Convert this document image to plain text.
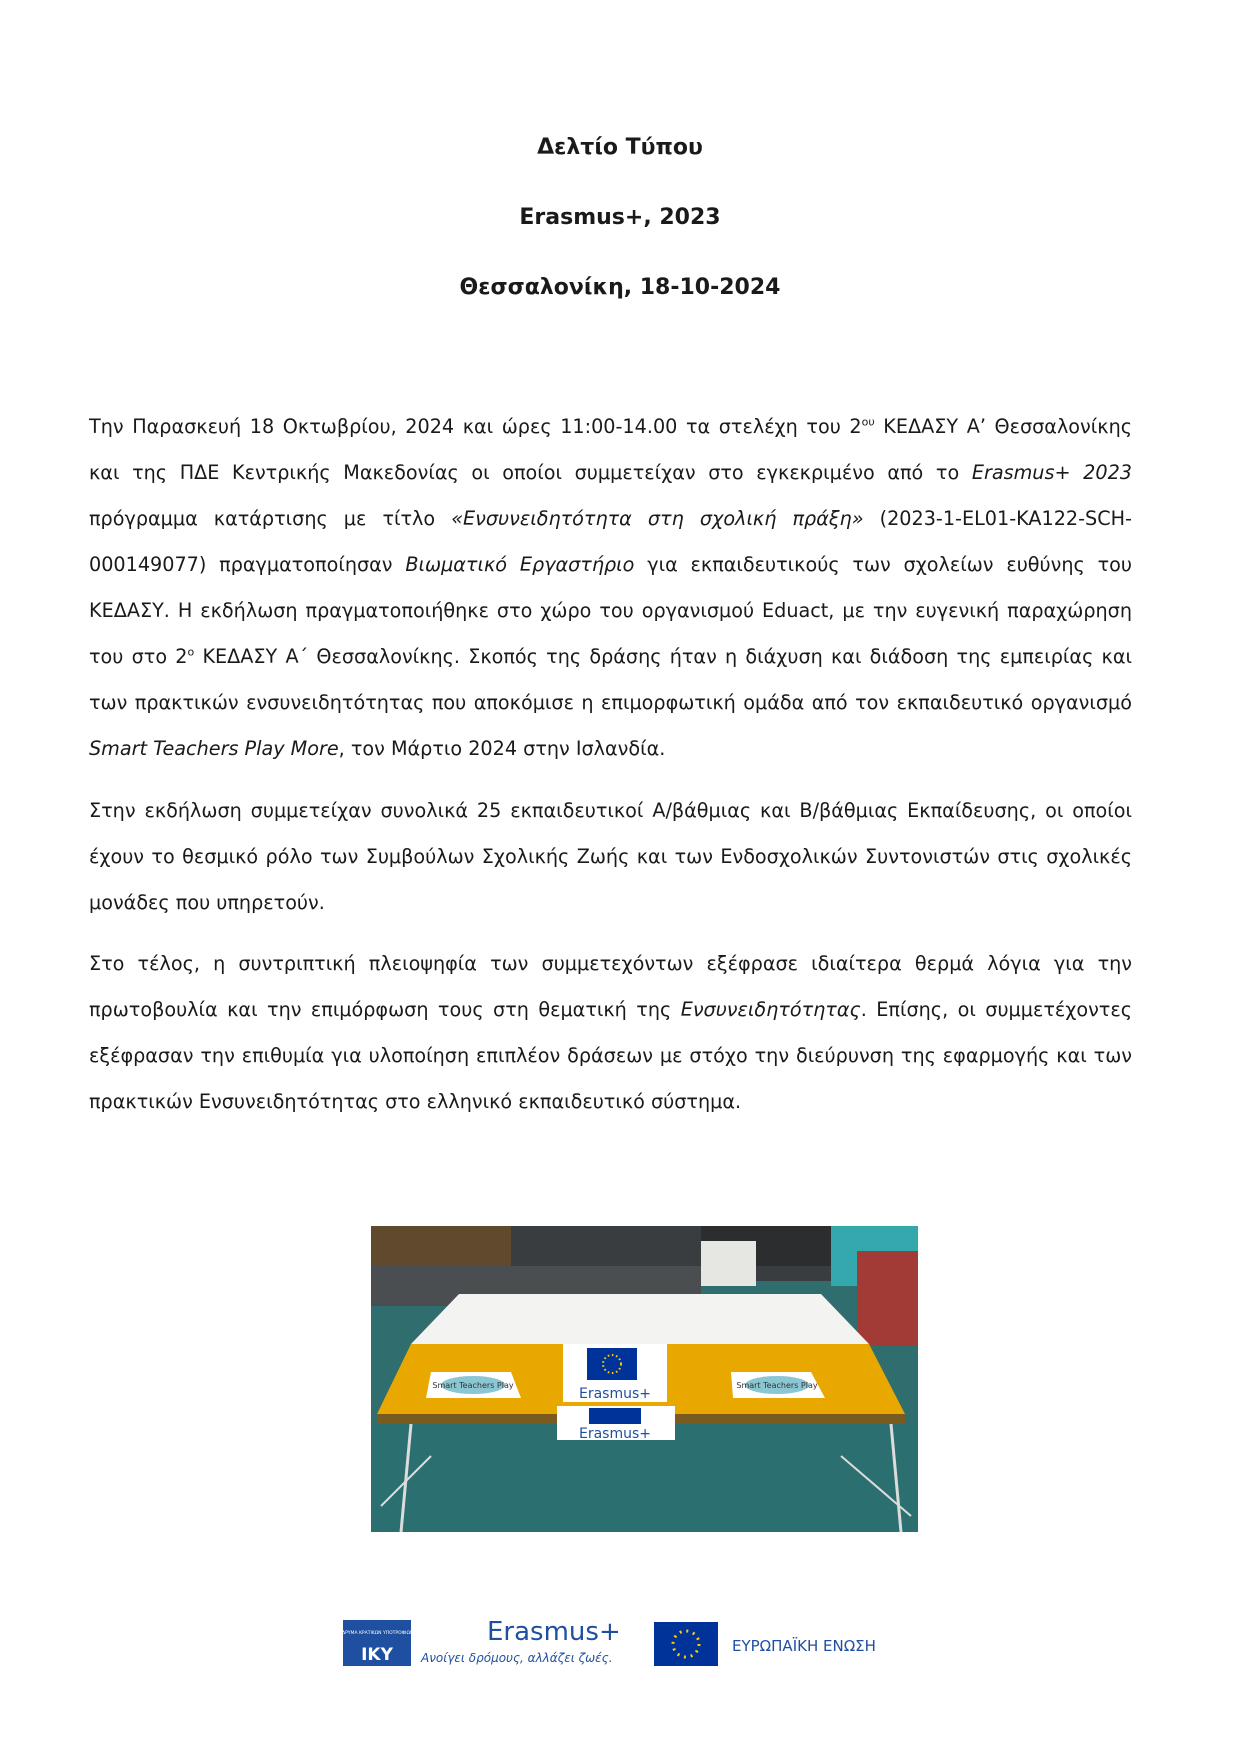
Δελτίο Τύπου
Erasmus+, 2023
Θεσσαλονίκη, 18-10-2024

Την Παρασκευή 18 Οκτωβρίου, 2024 και ώρες 11:00-14.00 τα στελέχη του $2^{o\upsilon}$ ΚΕΔΑΣΥ Α’ Θεσσαλονίκης και της ΠΔΕ Κεντρικής Μακεδονίας οι οποίοι συμμετείχαν στο εγκεκριμένο από το Erasmus+ 2023 πρόγραμμα κατάρτισης με τίτλο «Ενσυνειδητότητα στη σχολική πράξη» (2023-1-EL01-KA122-SCH-000149077) πραγματοποίησαν Βιωματικό Εργαστήριο για εκπαιδευτικούς των σχολείων ευθύνης του ΚΕΔΑΣΥ. Η εκδήλωση πραγματοποιήθηκε στο χώρο του οργανισμού Eduact, με την ευγενική παραχώρηση του στο $2^o$ ΚΕΔΑΣΥ Α΄ Θεσσαλονίκης. Σκοπός της δράσης ήταν η διάχυση και διάδοση της εμπειρίας και των πρακτικών ενσυνειδητότητας που αποκόμισε η επιμορφωτική ομάδα από τον εκπαιδευτικό οργανισμό Smart Teachers Play More, τον Μάρτιο 2024 στην Ισλανδία.

Στην εκδήλωση συμμετείχαν συνολικά 25 εκπαιδευτικοί Α/βάθμιας και Β/βάθμιας Εκπαίδευσης, οι οποίοι έχουν το θεσμικό ρόλο των Συμβούλων Σχολικής Ζωής και των Ενδοσχολικών Συντονιστών στις σχολικές μονάδες που υπηρετούν.

Στο τέλος, η συντριπτική πλειοψηφία των συμμετεχόντων εξέφρασε ιδιαίτερα θερμά λόγια για την πρωτοβουλία και την επιμόρφωση τους στη θεματική της Ενσυνειδητότητας. Επίσης, οι συμμετέχοντες εξέφρασαν την επιθυμία για υλοποίηση επιπλέον δράσεων με στόχο την διεύρυνση της εφαρμογής και των πρακτικών Ενσυνειδητότητας στο ελληνικό εκπαιδευτικό σύστημα.

Smart Teachers Play	Smart Teachers Play
Erasmus+
Erasmus+
ΙΔΡΥΜΑ ΚΡΑΤΙΚΩΝ ΥΠΟΤΡΟΦΙΩΝ
IKY
Erasmus+
Ανοίγει δρόμους, αλλάζει ζωές.
ΕΥΡΩΠΑΪΚΗ ΕΝΩΣΗ
